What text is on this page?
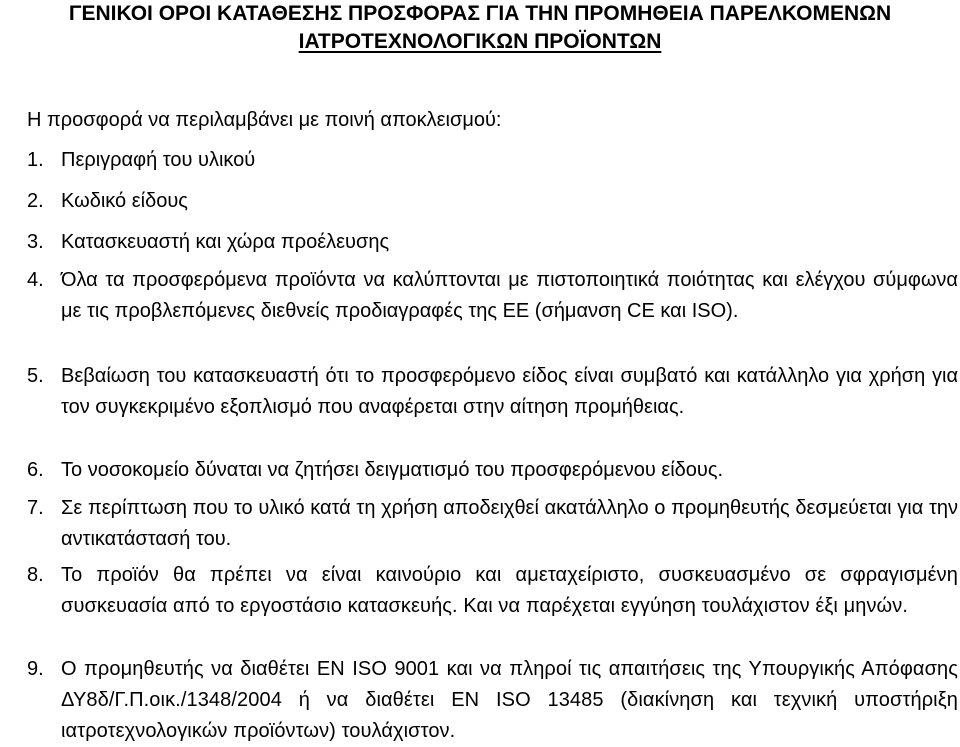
ΓΕΝΙΚΟΙ ΟΡΟΙ ΚΑΤΑΘΕΣΗΣ ΠΡΟΣΦΟΡΑΣ ΓΙΑ ΤΗΝ ΠΡΟΜΗΘΕΙΑ ΠΑΡΕΛΚΟΜΕΝΩΝ
ΙΑΤΡΟΤΕΧΝΟΛΟΓΙΚΩΝ ΠΡΟΪΟΝΤΩΝ
Η προσφορά να περιλαμβάνει με ποινή αποκλεισμού:
1. Περιγραφή του υλικού
2. Κωδικό είδους
3. Κατασκευαστή και χώρα προέλευσης
4. Όλα τα προσφερόμενα προϊόντα να καλύπτονται με πιστοποιητικά ποιότητας και ελέγχου σύμφωνα με τις προβλεπόμενες διεθνείς προδιαγραφές της ΕΕ (σήμανση CE και ISO).
5. Βεβαίωση του κατασκευαστή ότι το προσφερόμενο είδος είναι συμβατό και κατάλληλο για χρήση για τον συγκεκριμένο εξοπλισμό που αναφέρεται στην αίτηση προμήθειας.
6. Το νοσοκομείο δύναται να ζητήσει δειγματισμό του προσφερόμενου είδους.
7. Σε περίπτωση που το υλικό κατά τη χρήση αποδειχθεί ακατάλληλο ο προμηθευτής δεσμεύεται για την αντικατάστασή του.
8. Το προϊόν θα πρέπει να είναι καινούριο και αμεταχείριστο, συσκευασμένο σε σφραγισμένη συσκευασία από το εργοστάσιο κατασκευής. Και να παρέχεται εγγύηση τουλάχιστον έξι μηνών.
9. Ο προμηθευτής να διαθέτει EN ISO 9001 και να πληροί τις απαιτήσεις της Υπουργικής Απόφασης ΔΥ8δ/Γ.Π.οικ./1348/2004 ή να διαθέτει EN ISO 13485 (διακίνηση και τεχνική υποστήριξη ιατροτεχνολογικών προϊόντων) τουλάχιστον.
